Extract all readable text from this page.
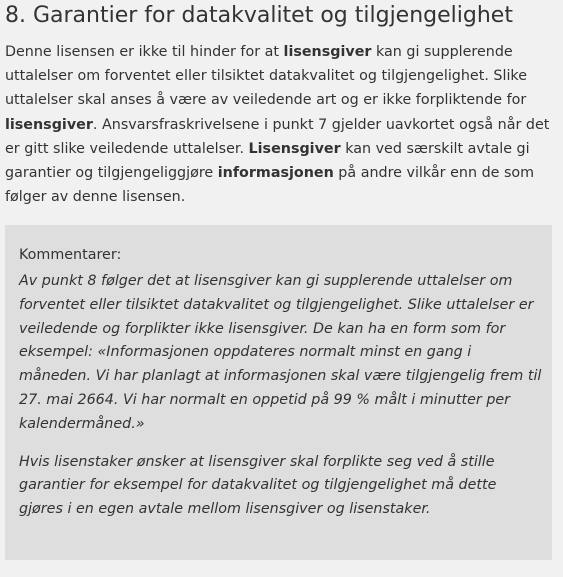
8. Garantier for datakvalitet og tilgjengelighet

Denne lisensen er ikke til hinder for at lisensgiver kan gi supplerende uttalelser om forventet eller tilsiktet datakvalitet og tilgjengelighet. Slike uttalelser skal anses å være av veiledende art og er ikke forpliktende for lisensgiver. Ansvarsfraskrivelsene i punkt 7 gjelder uavkortet også når det er gitt slike veiledende uttalelser. Lisensgiver kan ved særskilt avtale gi garantier og tilgjengeliggjøre informasjonen på andre vilkår enn de som følger av denne lisensen.

Kommentarer:

Av punkt 8 følger det at lisensgiver kan gi supplerende uttalelser om forventet eller tilsiktet datakvalitet og tilgjengelighet. Slike uttalelser er veiledende og forplikter ikke lisensgiver. De kan ha en form som for eksempel: «Informasjonen oppdateres normalt minst en gang i måneden. Vi har planlagt at informasjonen skal være tilgjengelig frem til 27. mai 2664. Vi har normalt en oppetid på 99 % målt i minutter per kalendermåned.»

Hvis lisenstaker ønsker at lisensgiver skal forplikte seg ved å stille garantier for eksempel for datakvalitet og tilgjengelighet må dette gjøres i en egen avtale mellom lisensgiver og lisenstaker.
